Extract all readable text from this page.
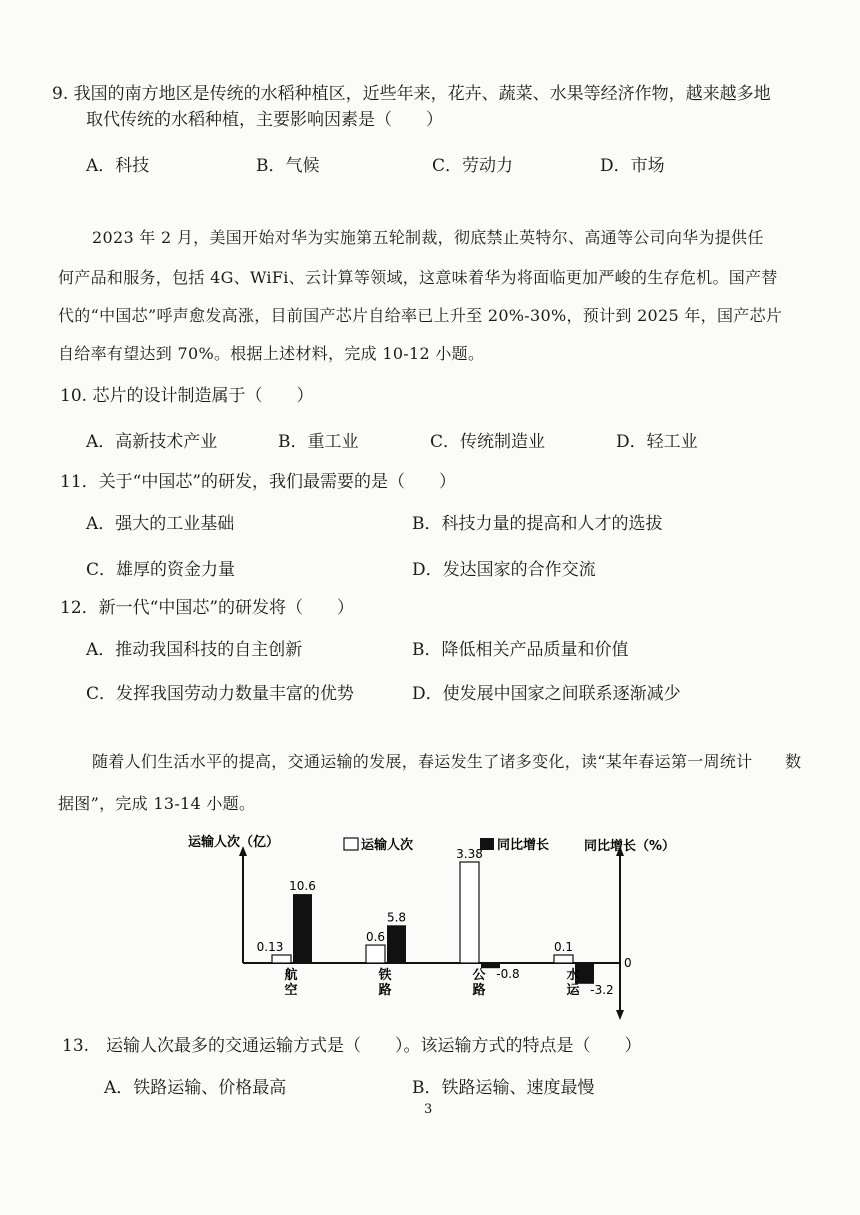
9. 我国的南方地区是传统的水稻种植区，近些年来，花卉、蔬菜、水果等经济作物，越来越多地
取代传统的水稻种植，主要影响因素是（　　）
A．科技	B．气候	C．劳动力	D．市场
2023 年 2 月，美国开始对华为实施第五轮制裁，彻底禁止英特尔、高通等公司向华为提供任
何产品和服务，包括 4G、WiFi、云计算等领域，这意味着华为将面临更加严峻的生存危机。国产替
代的“中国芯”呼声愈发高涨，目前国产芯片自给率已上升至 20%-30%，预计到 2025 年，国产芯片
自给率有望达到 70%。根据上述材料，完成 10-12 小题。
10. 芯片的设计制造属于（　　）
A．高新技术产业	B．重工业	C．传统制造业	D．轻工业
11．关于“中国芯”的研发，我们最需要的是（　　）
A．强大的工业基础	B．科技力量的提高和人才的选拔
C．雄厚的资金力量	D．发达国家的合作交流
12．新一代“中国芯”的研发将（　　）
A．推动我国科技的自主创新	B．降低相关产品质量和价值
C．发挥我国劳动力数量丰富的优势	D．使发展中国家之间联系逐渐减少
随着人们生活水平的提高，交通运输的发展，春运发生了诸多变化，读“某年春运第一周统计　　数
据图”，完成 13-14 小题。
运输人次（亿）	同比增长（%）
0
运输人次	同比增长
0.13
10.6
航
空
0.6
5.8
铁
路
3.38
-0.8
公
路
0.1
-3.2
水
运
13.　运输人次最多的交通运输方式是（　　）。该运输方式的特点是（　　）
A．铁路运输、价格最高	B．铁路运输、速度最慢
3
